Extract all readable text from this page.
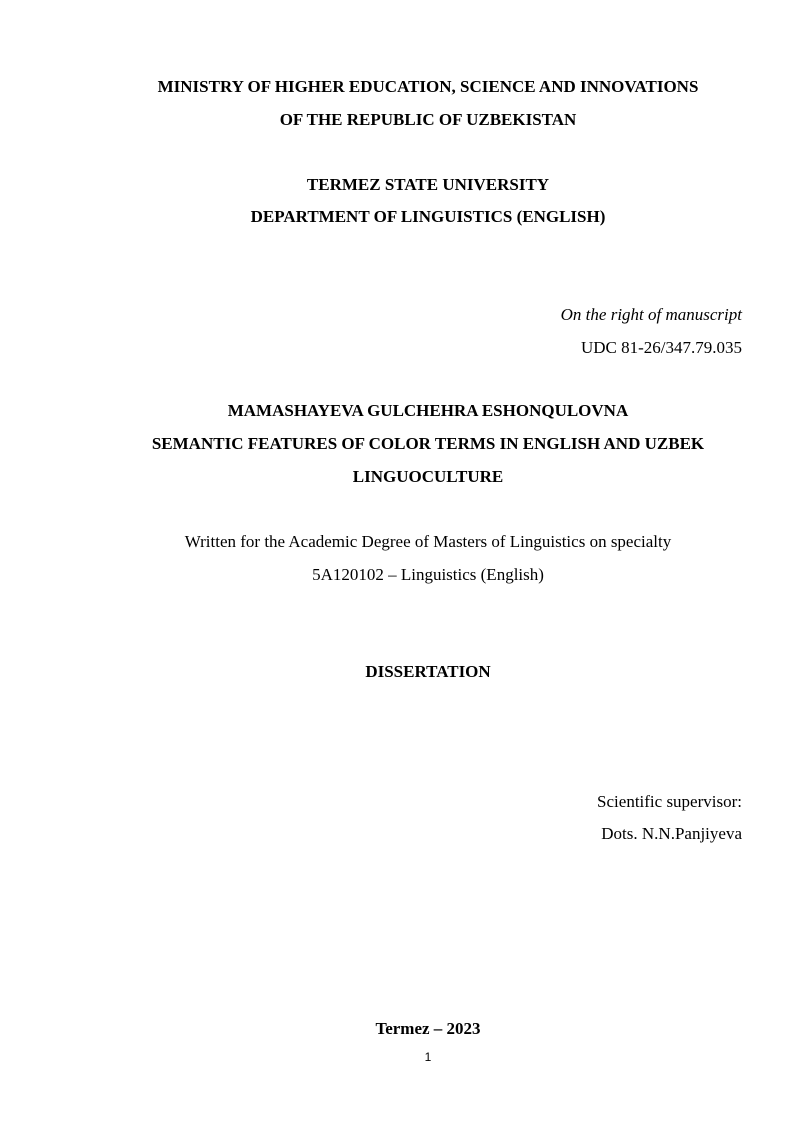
MINISTRY OF HIGHER EDUCATION, SCIENCE AND INNOVATIONS
OF THE REPUBLIC OF UZBEKISTAN
TERMEZ STATE UNIVERSITY
DEPARTMENT OF LINGUISTICS (ENGLISH)
On the right of manuscript
UDC 81-26/347.79.035
MAMASHAYEVA GULCHEHRA ESHONQULOVNA
SEMANTIC FEATURES OF COLOR TERMS IN ENGLISH AND UZBEK
LINGUOCULTURE
Written for the Academic Degree of Masters of Linguistics on specialty
5A120102 – Linguistics (English)
DISSERTATION
Scientific supervisor:
Dots. N.N.Panjiyeva
Termez – 2023
1
